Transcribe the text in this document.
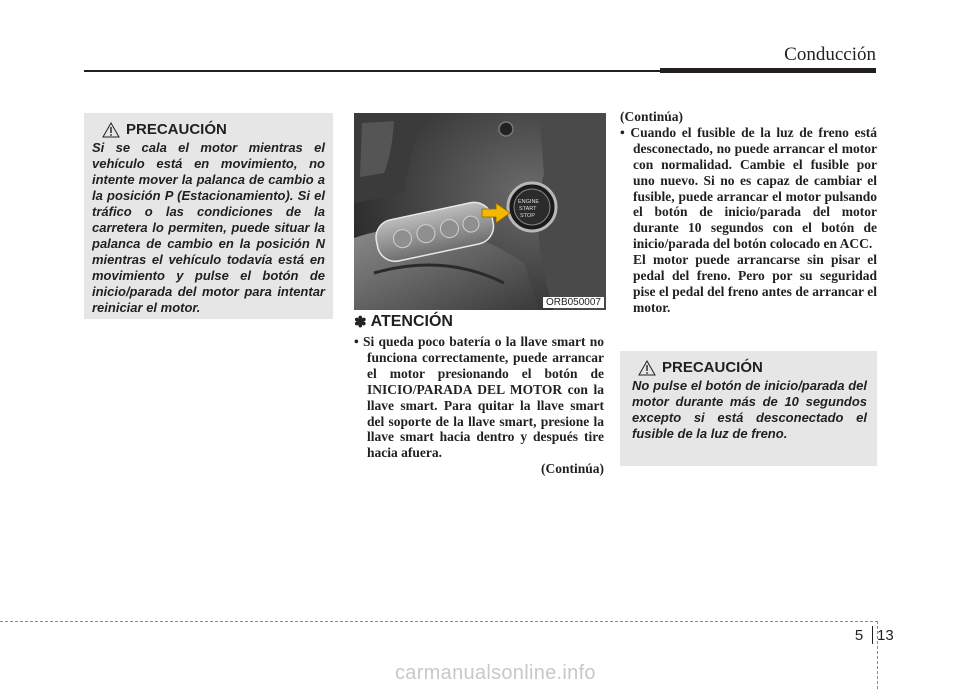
Conducción
PRECAUCIÓN
Si se cala el motor mientras el vehículo está en movimiento, no intente mover la palanca de cambio a la posición P (Estacionamiento). Si el tráfico o las condiciones de la carretera lo permiten, puede situar la palanca de cambio en la posición N mientras el vehículo todavía está en movimiento y pulse el botón de inicio/parada del motor para intentar reiniciar el motor.
ENGINE
START
STOP
ORB050007
✽ ATENCIÓN
• Si queda poco batería o la llave smart no funciona correctamente, puede arrancar el motor presionando el botón de INICIO/PARADA DEL MOTOR con la llave smart. Para quitar la llave smart del soporte de la llave smart, presione la llave smart hacia dentro y después tire hacia afuera.
(Continúa)
(Continúa)
• Cuando el fusible de la luz de freno está desconectado, no puede arrancar el motor con normalidad. Cambie el fusible por uno nuevo. Si no es capaz de cambiar el fusible, puede arrancar el motor pulsando el botón de inicio/parada del motor durante 10 segundos con el botón de inicio/parada del botón colocado en ACC.
El motor puede arrancarse sin pisar el pedal del freno. Pero por su seguridad pise el pedal del freno antes de arrancar el motor.
PRECAUCIÓN
No pulse el botón de inicio/parada del motor durante más de 10 segundos excepto si está desconectado el fusible de la luz de freno.
5 13
carmanualsonline.info
